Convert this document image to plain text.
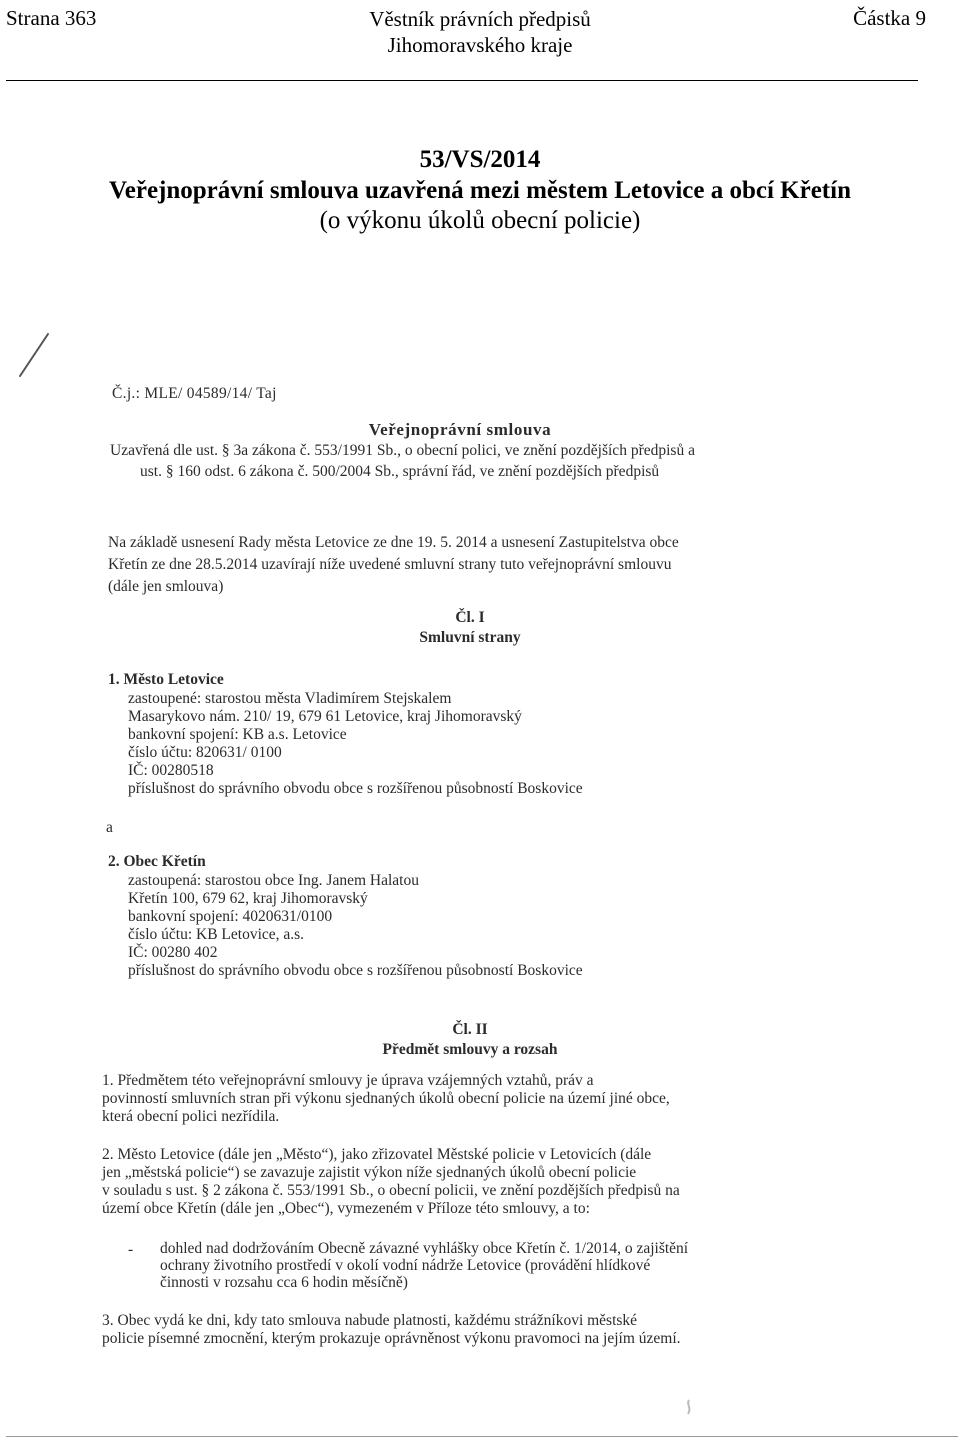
Strana 363	Věstník právních předpisů
Jihomoravského kraje
Částka 9
53/VS/2014
Veřejnoprávní smlouva uzavřená mezi městem Letovice a obcí Křetín
(o výkonu úkolů obecní policie)
Č.j.: MLE/ 04589/14/ Taj
Veřejnoprávní smlouva
Uzavřená dle ust. § 3a zákona č. 553/1991 Sb., o obecní polici, ve znění pozdějších předpisů a
ust. § 160 odst. 6 zákona č. 500/2004 Sb., správní řád, ve znění pozdějších předpisů
Na základě usnesení Rady města Letovice ze dne 19. 5. 2014 a usnesení Zastupitelstva obce
Křetín ze dne 28.5.2014 uzavírají níže uvedené smluvní strany tuto veřejnoprávní smlouvu
(dále jen smlouva)
Čl. I
Smluvní strany
1. Město Letovice
zastoupené: starostou města Vladimírem Stejskalem
Masarykovo nám. 210/ 19, 679 61 Letovice, kraj Jihomoravský
bankovní spojení: KB a.s. Letovice
číslo účtu: 820631/ 0100
IČ: 00280518
příslušnost do správního obvodu obce s rozšířenou působností Boskovice
a
2. Obec Křetín
zastoupená: starostou obce Ing. Janem Halatou
Křetín 100, 679 62, kraj Jihomoravský
bankovní spojení: 4020631/0100
číslo účtu: KB Letovice, a.s.
IČ: 00280 402
příslušnost do správního obvodu obce s rozšířenou působností Boskovice
Čl. II
Předmět smlouvy a rozsah
1. Předmětem této veřejnoprávní smlouvy je úprava vzájemných vztahů, práv a
povinností smluvních stran při výkonu sjednaných úkolů obecní policie na území jiné obce,
která obecní polici nezřídila.
2. Město Letovice (dále jen „Město“), jako zřizovatel Městské policie v Letovicích (dále
jen „městská policie“) se zavazuje zajistit výkon níže sjednaných úkolů obecní policie
v souladu s ust. § 2 zákona č. 553/1991 Sb., o obecní policii, ve znění pozdějších předpisů na
území obce Křetín (dále jen „Obec“), vymezeném v Příloze této smlouvy, a to:
- dohled nad dodržováním Obecně závazné vyhlášky obce Křetín č. 1/2014, o zajištění
ochrany životního prostředí v okolí vodní nádrže Letovice (provádění hlídkové
činnosti v rozsahu cca 6 hodin měsíčně)
3. Obec vydá ke dni, kdy tato smlouva nabude platnosti, každému strážníkovi městské
policie písemné zmocnění, kterým prokazuje oprávněnost výkonu pravomoci na jejím území.
